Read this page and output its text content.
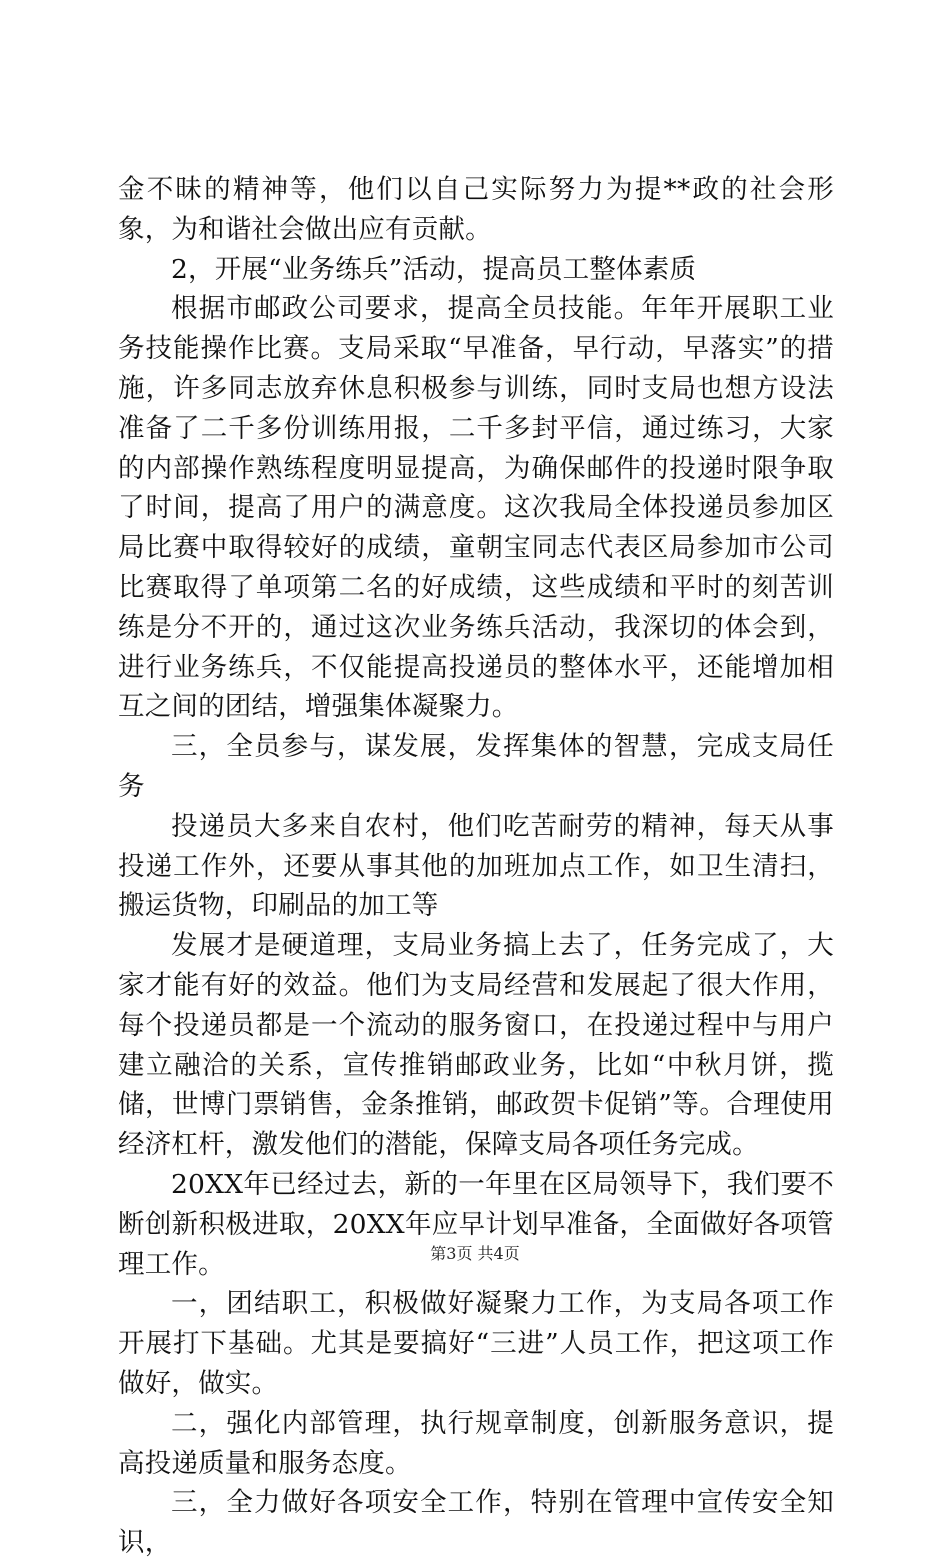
金不昧的精神等，他们以自己实际努力为提**政的社会形象，为和谐社会做出应有贡献。

2，开展“业务练兵”活动，提高员工整体素质

根据市邮政公司要求，提高全员技能。年年开展职工业务技能操作比赛。支局采取“早准备，早行动，早落实”的措施，许多同志放弃休息积极参与训练，同时支局也想方设法准备了二千多份训练用报，二千多封平信，通过练习，大家的内部操作熟练程度明显提高，为确保邮件的投递时限争取了时间，提高了用户的满意度。这次我局全体投递员参加区局比赛中取得较好的成绩，童朝宝同志代表区局参加市公司比赛取得了单项第二名的好成绩，这些成绩和平时的刻苦训练是分不开的，通过这次业务练兵活动，我深切的体会到，进行业务练兵，不仅能提高投递员的整体水平，还能增加相互之间的团结，增强集体凝聚力。

三，全员参与，谋发展，发挥集体的智慧，完成支局任务

投递员大多来自农村，他们吃苦耐劳的精神，每天从事投递工作外，还要从事其他的加班加点工作，如卫生清扫，搬运货物，印刷品的加工等

发展才是硬道理，支局业务搞上去了，任务完成了，大家才能有好的效益。他们为支局经营和发展起了很大作用，每个投递员都是一个流动的服务窗口，在投递过程中与用户建立融洽的关系，宣传推销邮政业务，比如“中秋月饼，揽储，世博门票销售，金条推销，邮政贺卡促销”等。合理使用经济杠杆，激发他们的潜能，保障支局各项任务完成。

20XX年已经过去，新的一年里在区局领导下，我们要不断创新积极进取，20XX年应早计划早准备，全面做好各项管理工作。

一，团结职工，积极做好凝聚力工作，为支局各项工作开展打下基础。尤其是要搞好“三进”人员工作，把这项工作做好，做实。

二，强化内部管理，执行规章制度，创新服务意识，提高投递质量和服务态度。

三，全力做好各项安全工作，特别在管理中宣传安全知识，

第3页 共4页
